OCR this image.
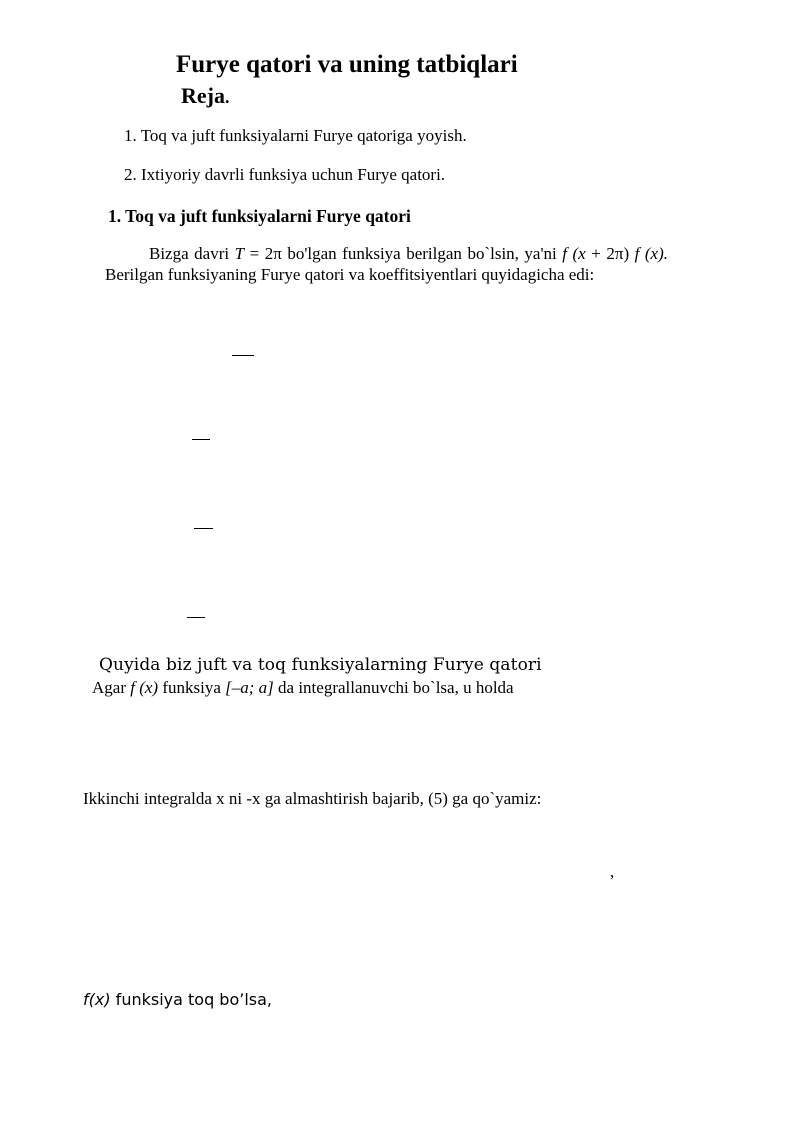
Furye qatori va uning tatbiqlari
Reja.
1. Toq va juft funksiyalarni Furye qatoriga yoyish.
2. Ixtiyoriy davrli funksiya uchun Furye qatori.
1. Toq va juft funksiyalarni Furye qatori
Bizga davri T = 2π bo'lgan funksiya berilgan bo`lsin, ya'ni f (x + 2π) f (x). Berilgan funksiyaning Furye qatori va koeffitsiyentlari quyidagicha edi:
Quyida biz juft va toq funksiyalarning Furye qatori
Agar f (x) funksiya [–a; a] da integrallanuvchi bo`lsa, u holda
Ikkinchi integralda x ni -x ga almashtirish bajarib, (5) ga qo`yamiz:
,
f(x) funksiya toq bo’lsa,
